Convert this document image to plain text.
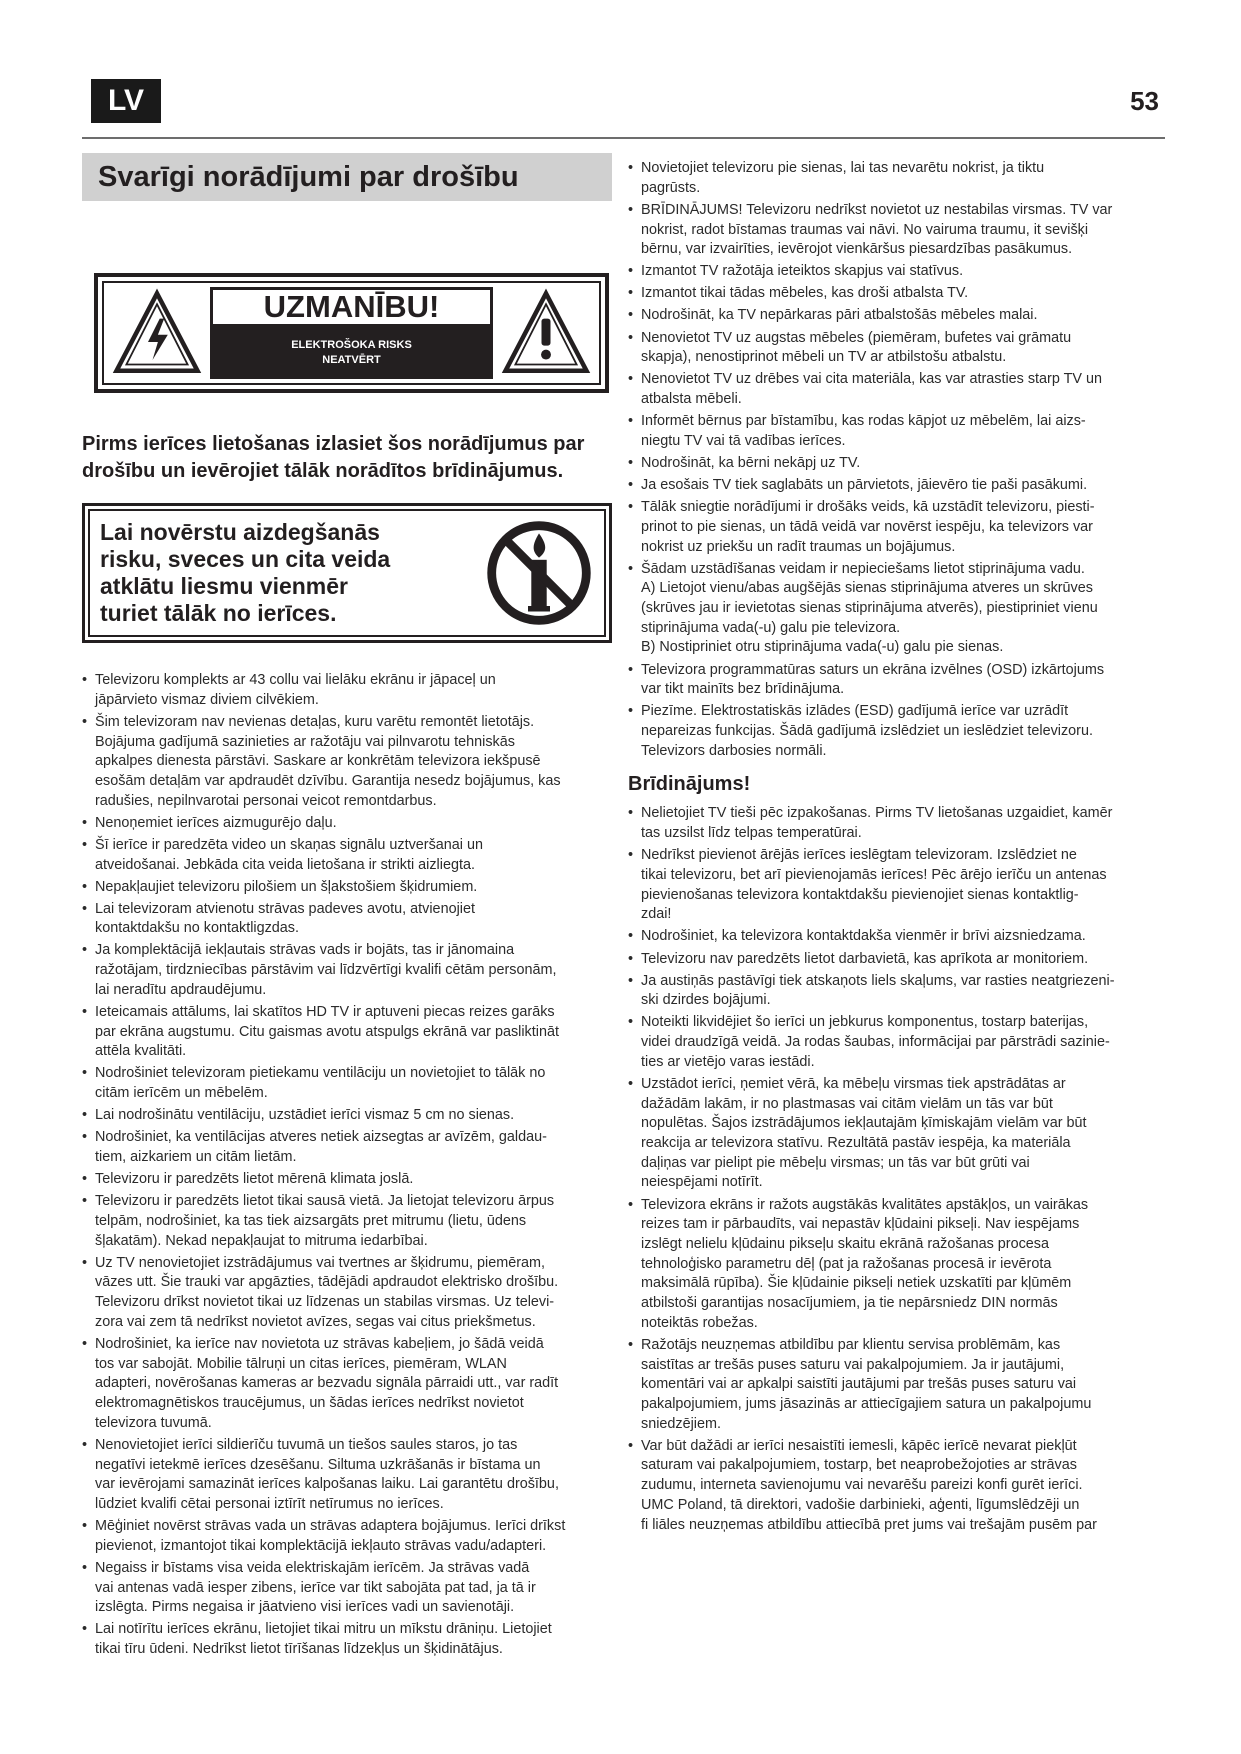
LV	53
Svarīgi norādījumi par drošību
UZMANĪBU!
ELEKTROŠOKA RISKS
NEATVĒRT
Pirms ierīces lietošanas izlasiet šos norādījumus par
drošību un ievērojiet tālāk norādītos brīdinājumus.
Lai novērstu aizdegšanās
risku, sveces un cita veida
atklātu liesmu vienmēr
turiet tālāk no ierīces.
• Televizoru komplekts ar 43 collu vai lielāku ekrānu ir jāpaceļ un
jāpārvieto vismaz diviem cilvēkiem.
• Šim televizoram nav nevienas detaļas, kuru varētu remontēt lietotājs.
Bojājuma gadījumā sazinieties ar ražotāju vai pilnvarotu tehniskās
apkalpes dienesta pārstāvi. Saskare ar konkrētām televizora iekšpusē
esošām detaļām var apdraudēt dzīvību. Garantija nesedz bojājumus, kas
radušies, nepilnvarotai personai veicot remontdarbus.
• Nenoņemiet ierīces aizmugurējo daļu.
• Šī ierīce ir paredzēta video un skaņas signālu uztveršanai un
atveidošanai. Jebkāda cita veida lietošana ir strikti aizliegta.
• Nepakļaujiet televizoru pilošiem un šļakstošiem šķidrumiem.
• Lai televizoram atvienotu strāvas padeves avotu, atvienojiet
kontaktdakšu no kontaktligzdas.
• Ja komplektācijā iekļautais strāvas vads ir bojāts, tas ir jānomaina
ražotājam, tirdzniecības pārstāvim vai līdzvērtīgi kvalifi cētām personām,
lai neradītu apdraudējumu.
• Ieteicamais attālums, lai skatītos HD TV ir aptuveni piecas reizes garāks
par ekrāna augstumu. Citu gaismas avotu atspulgs ekrānā var pasliktināt
attēla kvalitāti.
• Nodrošiniet televizoram pietiekamu ventilāciju un novietojiet to tālāk no
citām ierīcēm un mēbelēm.
• Lai nodrošinātu ventilāciju, uzstādiet ierīci vismaz 5 cm no sienas.
• Nodrošiniet, ka ventilācijas atveres netiek aizsegtas ar avīzēm, galdau-
tiem, aizkariem un citām lietām.
• Televizoru ir paredzēts lietot mērenā klimata joslā.
• Televizoru ir paredzēts lietot tikai sausā vietā. Ja lietojat televizoru ārpus
telpām, nodrošiniet, ka tas tiek aizsargāts pret mitrumu (lietu, ūdens
šļakatām). Nekad nepakļaujat to mitruma iedarbībai.
• Uz TV nenovietojiet izstrādājumus vai tvertnes ar šķidrumu, piemēram,
vāzes utt. Šie trauki var apgāzties, tādējādi apdraudot elektrisko drošību.
Televizoru drīkst novietot tikai uz līdzenas un stabilas virsmas. Uz televi-
zora vai zem tā nedrīkst novietot avīzes, segas vai citus priekšmetus.
• Nodrošiniet, ka ierīce nav novietota uz strāvas kabeļiem, jo šādā veidā
tos var sabojāt. Mobilie tālruņi un citas ierīces, piemēram, WLAN
adapteri, novērošanas kameras ar bezvadu signāla pārraidi utt., var radīt
elektromagnētiskos traucējumus, un šādas ierīces nedrīkst novietot
televizora tuvumā.
• Nenovietojiet ierīci sildierīču tuvumā un tiešos saules staros, jo tas
negatīvi ietekmē ierīces dzesēšanu. Siltuma uzkrāšanās ir bīstama un
var ievērojami samazināt ierīces kalpošanas laiku. Lai garantētu drošību,
lūdziet kvalifi cētai personai iztīrīt netīrumus no ierīces.
• Mēģiniet novērst strāvas vada un strāvas adaptera bojājumus. Ierīci drīkst
pievienot, izmantojot tikai komplektācijā iekļauto strāvas vadu/adapteri.
• Negaiss ir bīstams visa veida elektriskajām ierīcēm. Ja strāvas vadā
vai antenas vadā iesper zibens, ierīce var tikt sabojāta pat tad, ja tā ir
izslēgta. Pirms negaisa ir jāatvieno visi ierīces vadi un savienotāji.
• Lai notīrītu ierīces ekrānu, lietojiet tikai mitru un mīkstu drāniņu. Lietojiet
tikai tīru ūdeni. Nedrīkst lietot tīrīšanas līdzekļus un šķidinātājus.
• Novietojiet televizoru pie sienas, lai tas nevarētu nokrist, ja tiktu
pagrūsts.
• BRĪDINĀJUMS! Televizoru nedrīkst novietot uz nestabilas virsmas. TV var
nokrist, radot bīstamas traumas vai nāvi. No vairuma traumu, it sevišķi
bērnu, var izvairīties, ievērojot vienkāršus piesardzības pasākumus.
• Izmantot TV ražotāja ieteiktos skapjus vai statīvus.
• Izmantot tikai tādas mēbeles, kas droši atbalsta TV.
• Nodrošināt, ka TV nepārkaras pāri atbalstošās mēbeles malai.
• Nenovietot TV uz augstas mēbeles (piemēram, bufetes vai grāmatu
skapja), nenostiprinot mēbeli un TV ar atbilstošu atbalstu.
• Nenovietot TV uz drēbes vai cita materiāla, kas var atrasties starp TV un
atbalsta mēbeli.
• Informēt bērnus par bīstamību, kas rodas kāpjot uz mēbelēm, lai aizs-
niegtu TV vai tā vadības ierīces.
• Nodrošināt, ka bērni nekāpj uz TV.
• Ja esošais TV tiek saglabāts un pārvietots, jāievēro tie paši pasākumi.
• Tālāk sniegtie norādījumi ir drošāks veids, kā uzstādīt televizoru, piesti-
prinot to pie sienas, un tādā veidā var novērst iespēju, ka televizors var
nokrist uz priekšu un radīt traumas un bojājumus.
• Šādam uzstādīšanas veidam ir nepieciešams lietot stiprinājuma vadu.
A) Lietojot vienu/abas augšējās sienas stiprinājuma atveres un skrūves
(skrūves jau ir ievietotas sienas stiprinājuma atverēs), piestipriniet vienu
stiprinājuma vada(-u) galu pie televizora.
B) Nostipriniet otru stiprinājuma vada(-u) galu pie sienas.
• Televizora programmatūras saturs un ekrāna izvēlnes (OSD) izkārtojums
var tikt mainīts bez brīdinājuma.
• Piezīme. Elektrostatiskās izlādes (ESD) gadījumā ierīce var uzrādīt
nepareizas funkcijas. Šādā gadījumā izslēdziet un ieslēdziet televizoru.
Televizors darbosies normāli.
Brīdinājums!
• Nelietojiet TV tieši pēc izpakošanas. Pirms TV lietošanas uzgaidiet, kamēr
tas uzsilst līdz telpas temperatūrai.
• Nedrīkst pievienot ārējās ierīces ieslēgtam televizoram. Izslēdziet ne
tikai televizoru, bet arī pievienojamās ierīces! Pēc ārējo ierīču un antenas
pievienošanas televizora kontaktdakšu pievienojiet sienas kontaktlig-
zdai!
• Nodrošiniet, ka televizora kontaktdakša vienmēr ir brīvi aizsniedzama.
• Televizoru nav paredzēts lietot darbavietā, kas aprīkota ar monitoriem.
• Ja austiņās pastāvīgi tiek atskaņots liels skaļums, var rasties neatgriezeni-
ski dzirdes bojājumi.
• Noteikti likvidējiet šo ierīci un jebkurus komponentus, tostarp baterijas,
videi draudzīgā veidā. Ja rodas šaubas, informācijai par pārstrādi sazinie-
ties ar vietējo varas iestādi.
• Uzstādot ierīci, ņemiet vērā, ka mēbeļu virsmas tiek apstrādātas ar
dažādām lakām, ir no plastmasas vai citām vielām un tās var būt
nopulētas. Šajos izstrādājumos iekļautajām ķīmiskajām vielām var būt
reakcija ar televizora statīvu. Rezultātā pastāv iespēja, ka materiāla
daļiņas var pielipt pie mēbeļu virsmas; un tās var būt grūti vai
neiespējami notīrīt.
• Televizora ekrāns ir ražots augstākās kvalitātes apstākļos, un vairākas
reizes tam ir pārbaudīts, vai nepastāv kļūdaini pikseļi. Nav iespējams
izslēgt nelielu kļūdainu pikseļu skaitu ekrānā ražošanas procesa
tehnoloģisko parametru dēļ (pat ja ražošanas procesā ir ievērota
maksimālā rūpība). Šie kļūdainie pikseļi netiek uzskatīti par kļūmēm
atbilstoši garantijas nosacījumiem, ja tie nepārsniedz DIN normās
noteiktās robežas.
• Ražotājs neuzņemas atbildību par klientu servisa problēmām, kas
saistītas ar trešās puses saturu vai pakalpojumiem. Ja ir jautājumi,
komentāri vai ar apkalpi saistīti jautājumi par trešās puses saturu vai
pakalpojumiem, jums jāsazinās ar attiecīgajiem satura un pakalpojumu
sniedzējiem.
• Var būt dažādi ar ierīci nesaistīti iemesli, kāpēc ierīcē nevarat piekļūt
saturam vai pakalpojumiem, tostarp, bet neaprobežojoties ar strāvas
zudumu, interneta savienojumu vai nevarēšu pareizi konfi gurēt ierīci.
UMC Poland, tā direktori, vadošie darbinieki, aģenti, līgumslēdzēji un
fi liāles neuzņemas atbildību attiecībā pret jums vai trešajām pusēm par
